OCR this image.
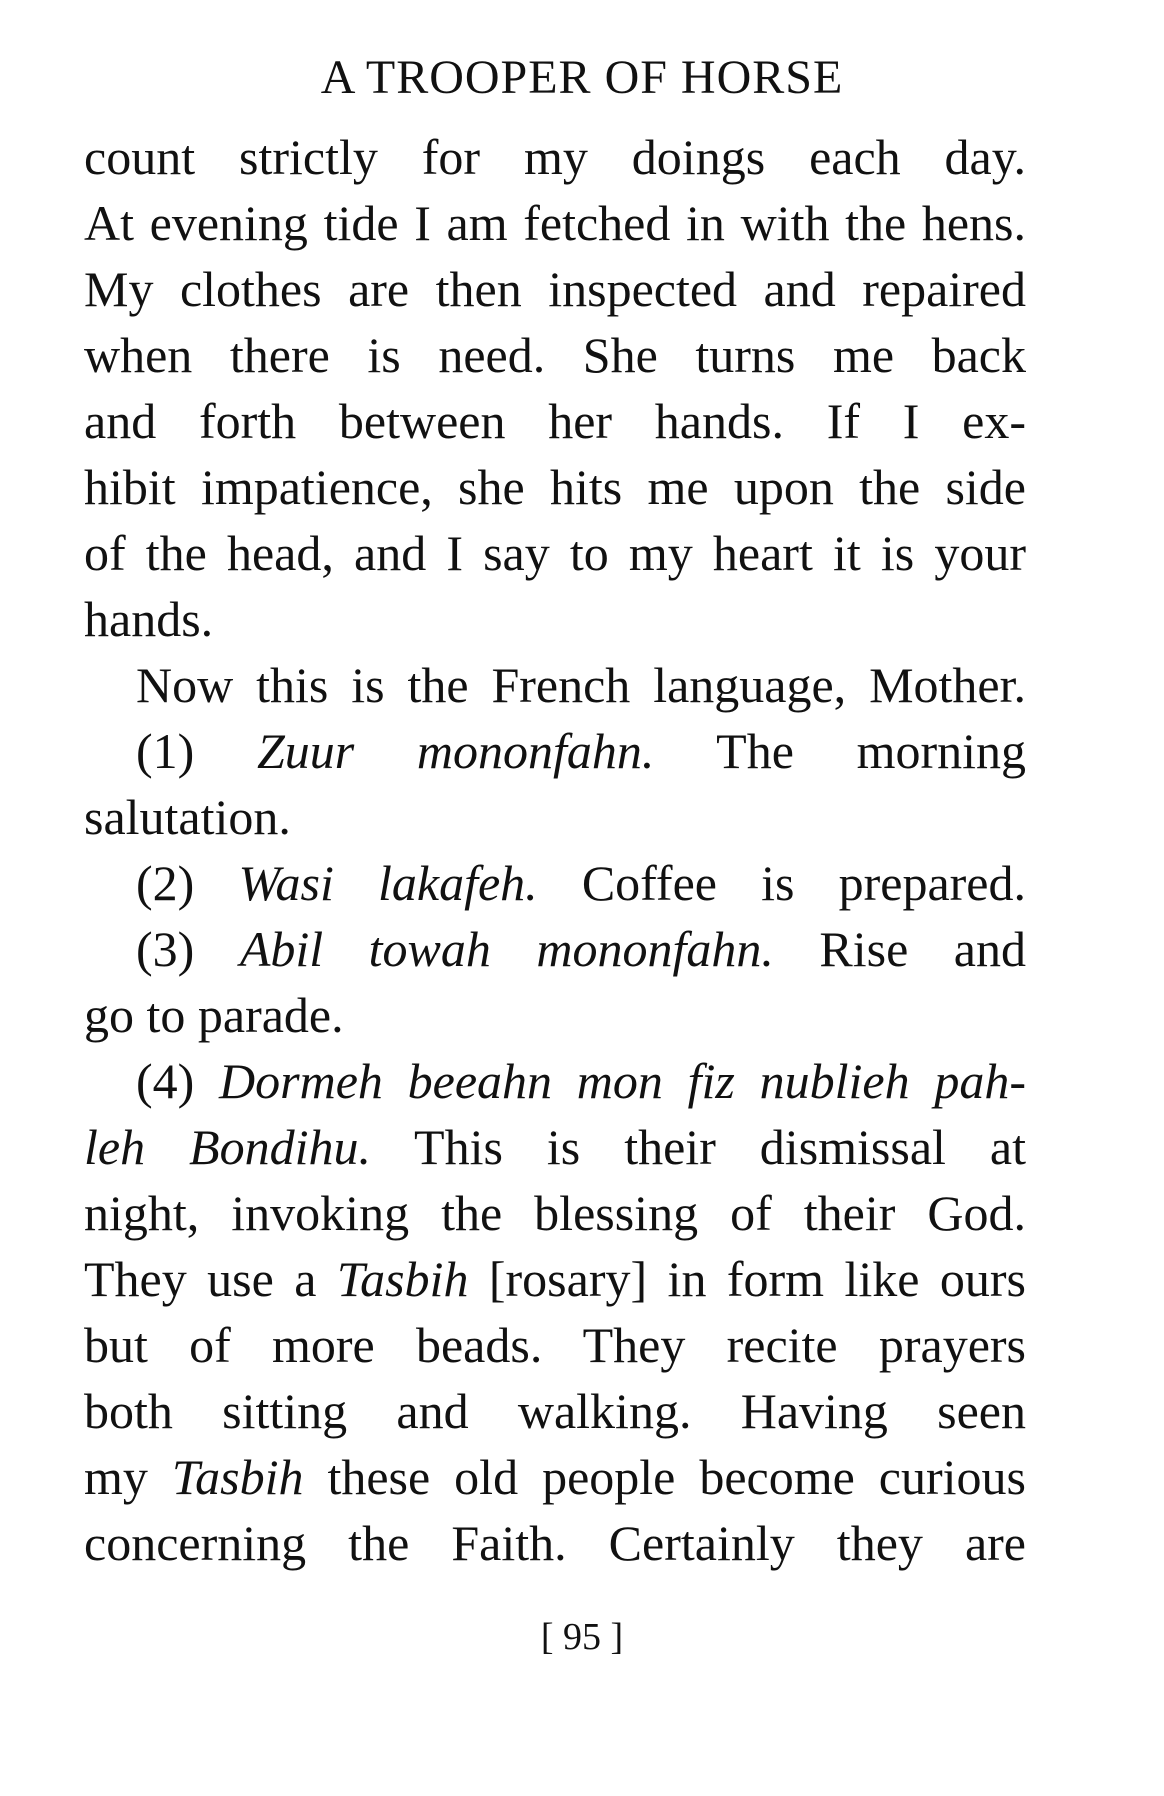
A TROOPER OF HORSE
count strictly for my doings each day.
At evening tide I am fetched in with the hens.
My clothes are then inspected and repaired
when there is need. She turns me back
and forth between her hands. If I ex-
hibit impatience, she hits me upon the side
of the head, and I say to my heart it is your
hands.
Now this is the French language, Mother.
(1) Zuur mononfahn. The morning
salutation.
(2) Wasi lakafeh. Coffee is prepared.
(3) Abil towah mononfahn. Rise and
go to parade.
(4) Dormeh beeahn mon fiz nublieh pah-
leh Bondihu. This is their dismissal at
night, invoking the blessing of their God.
They use a Tasbih [rosary] in form like ours
but of more beads. They recite prayers
both sitting and walking. Having seen
my Tasbih these old people become curious
concerning the Faith. Certainly they are
[ 95 ]
